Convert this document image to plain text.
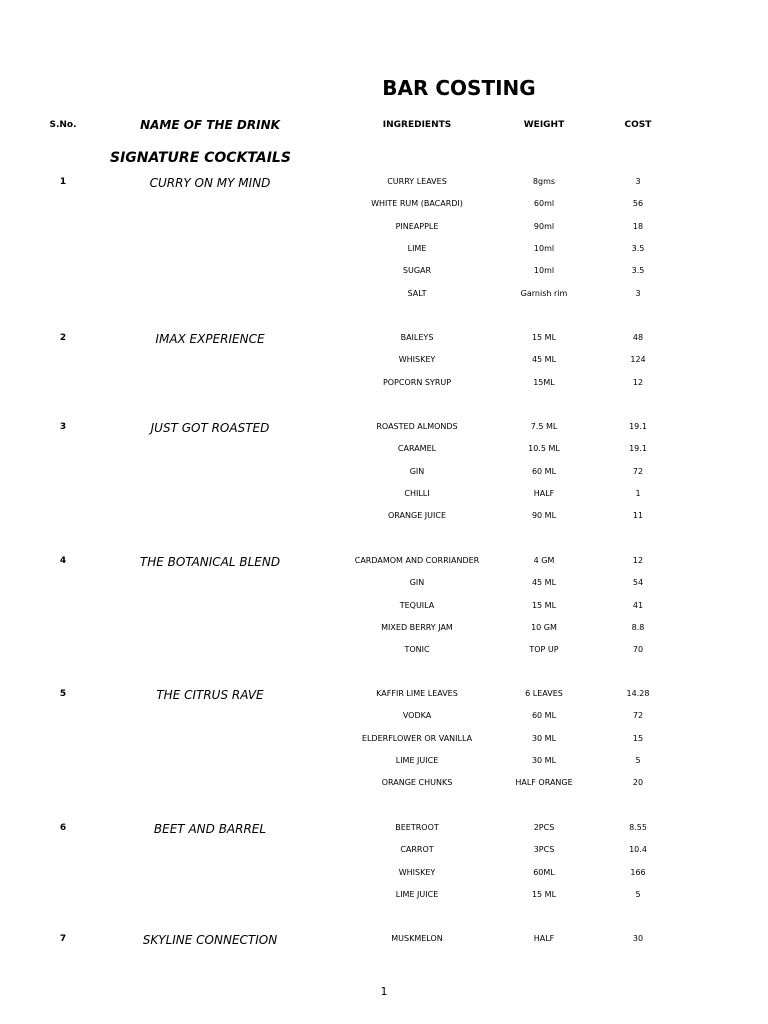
BAR COSTING
S.No.	NAME OF THE DRINK	INGREDIENTS	WEIGHT	COST
SIGNATURE COCKTAILS
1	CURRY ON MY MIND	CURRY LEAVES	8gms	3
WHITE RUM (BACARDI)	60ml	56
PINEAPPLE	90ml	18
LIME	10ml	3.5
SUGAR	10ml	3.5
SALT	Garnish rim	3
2	IMAX EXPERIENCE	BAILEYS	15 ML	48
WHISKEY	45 ML	124
POPCORN SYRUP	15ML	12
3	JUST GOT ROASTED	ROASTED ALMONDS	7.5 ML	19.1
CARAMEL	10.5 ML	19.1
GIN	60 ML	72
CHILLI	HALF	1
ORANGE JUICE	90 ML	11
4	THE BOTANICAL BLEND	CARDAMOM AND CORRIANDER	4 GM	12
GIN	45 ML	54
TEQUILA	15 ML	41
MIXED BERRY JAM	10 GM	8.8
TONIC	TOP UP	70
5	THE CITRUS RAVE	KAFFIR LIME LEAVES	6 LEAVES	14.28
VODKA	60 ML	72
ELDERFLOWER OR VANILLA	30 ML	15
LIME JUICE	30 ML	5
ORANGE CHUNKS	HALF ORANGE	20
6	BEET AND BARREL	BEETROOT	2PCS	8.55
CARROT	3PCS	10.4
WHISKEY	60ML	166
LIME JUICE	15 ML	5
7	SKYLINE CONNECTION	MUSKMELON	HALF	30
1
